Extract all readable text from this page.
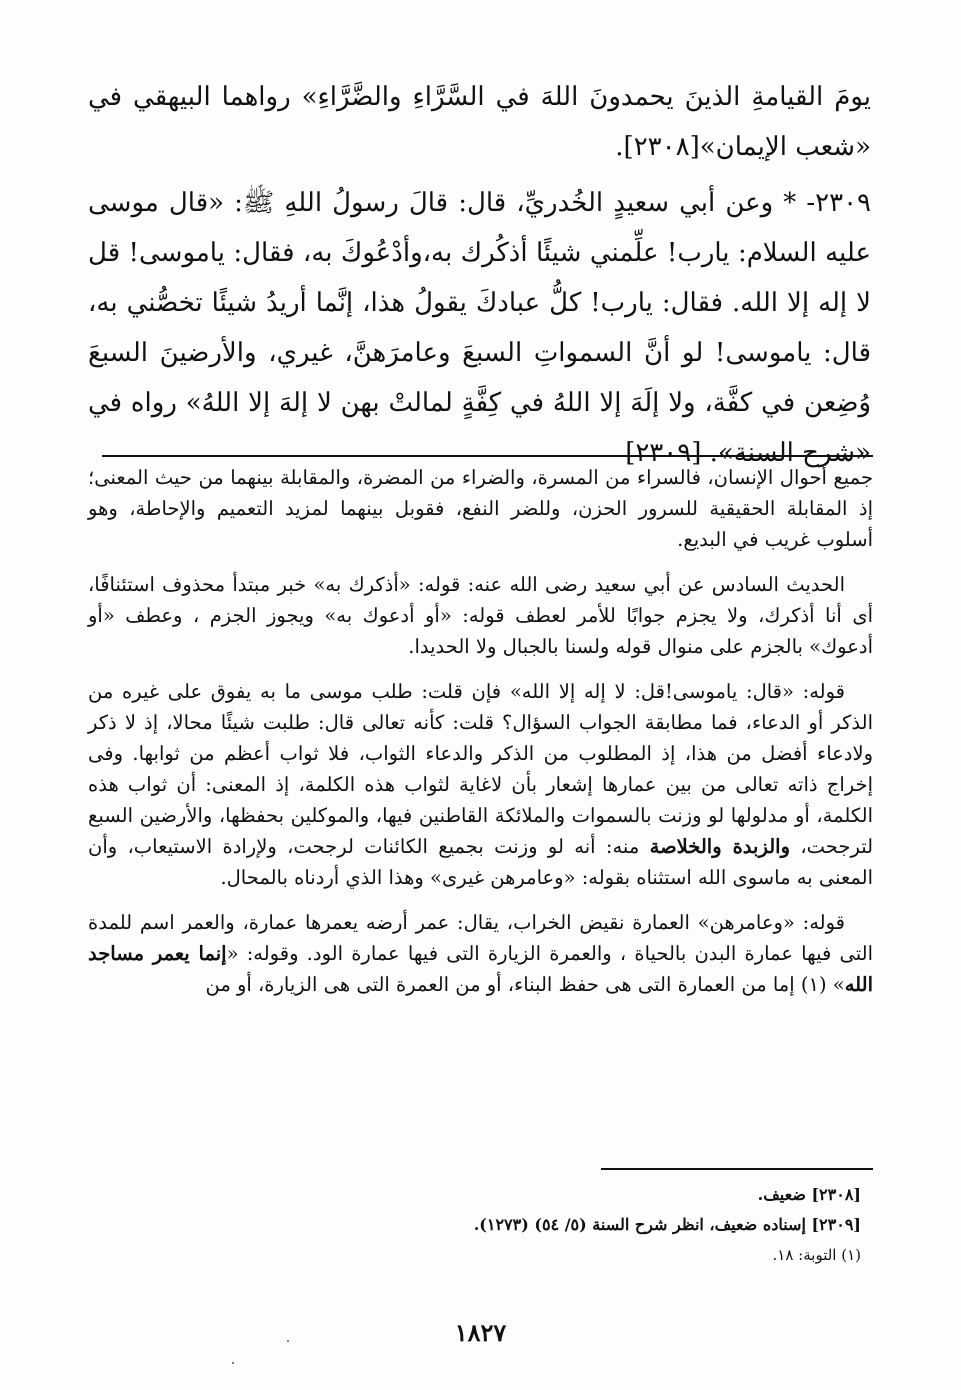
يومَ القيامةِ الذينَ يحمدونَ اللهَ في السَّرَّاءِ والضَّرَّاءِ» رواهما البيهقي في «شعب الإيمان»[٢٣٠٨].

٢٣٠٩- * وعن أبي سعيدٍ الخُدريِّ، قال: قالَ رسولُ اللهِ ﷺ: «قال موسى عليه السلام: يارب! علِّمني شيئًا أذكُرك به،وأدْعُوكَ به، فقال: ياموسى! قل لا إله إلا الله. فقال: يارب! كلُّ عبادكَ يقولُ هذا، إنَّما أريدُ شيئًا تخصُّني به، قال: ياموسى! لو أنَّ السمواتِ السبعَ وعامرَهنَّ، غيري، والأرضينَ السبعَ وُضِعن في كفَّة، ولا إلَهَ إلا اللهُ في كِفَّةٍ لمالتْ بهن لا إلهَ إلا اللهُ» رواه في «شرح السنة». [٢٣٠٩]

جميع أحوال الإنسان، فالسراء من المسرة، والضراء من المضرة، والمقابلة بينهما من حيث المعنى؛ إذ المقابلة الحقيقية للسرور الحزن، وللضر النفع، فقوبل بينهما لمزيد التعميم والإحاطة، وهو أسلوب غريب في البديع.

الحديث السادس عن أبي سعيد رضى الله عنه: قوله: «أذكرك به» خبر مبتدأ محذوف استئنافًا، أى أنا أذكرك، ولا يجزم جوابًا للأمر لعطف قوله: «أو أدعوك به» ويجوز الجزم ، وعطف «أو أدعوك» بالجزم على منوال قوله ولسنا بالجبال ولا الحديدا.

قوله: «قال: ياموسى!قل: لا إله إلا الله» فإن قلت: طلب موسى ما به يفوق على غيره من الذكر أو الدعاء، فما مطابقة الجواب السؤال؟ قلت: كأنه تعالى قال: طلبت شيئًا محالا، إذ لا ذكر ولادعاء أفضل من هذا، إذ المطلوب من الذكر والدعاء الثواب، فلا ثواب أعظم من ثوابها. وفى إخراج ذاته تعالى من بين عمارها إشعار بأن لاغاية لثواب هذه الكلمة، إذ المعنى: أن ثواب هذه الكلمة، أو مدلولها لو وزنت بالسموات والملائكة القاطنين فيها، والموكلين بحفظها، والأرضين السبع لترجحت، والزبدة والخلاصة منه: أنه لو وزنت بجميع الكائنات لرجحت، ولإرادة الاستيعاب، وأن المعنى به ماسوى الله استثناه بقوله: «وعامرهن غيرى» وهذا الذي أردناه بالمحال.

قوله: «وعامرهن» العمارة نقيض الخراب، يقال: عمر أرضه يعمرها عمارة، والعمر اسم للمدة التى فيها عمارة البدن بالحياة ، والعمرة الزيارة التى فيها عمارة الود. وقوله: «إنما يعمر مساجد الله» (١) إما من العمارة التى هى حفظ البناء، أو من العمرة التى هى الزيارة، أو من

[٢٣٠٨] ضعيف.
[٢٣٠٩] إسناده ضعيف، انظر شرح السنة (٥/ ٥٤) (١٢٧٣).
(١) التوبة: ١٨.
١٨٢٧
